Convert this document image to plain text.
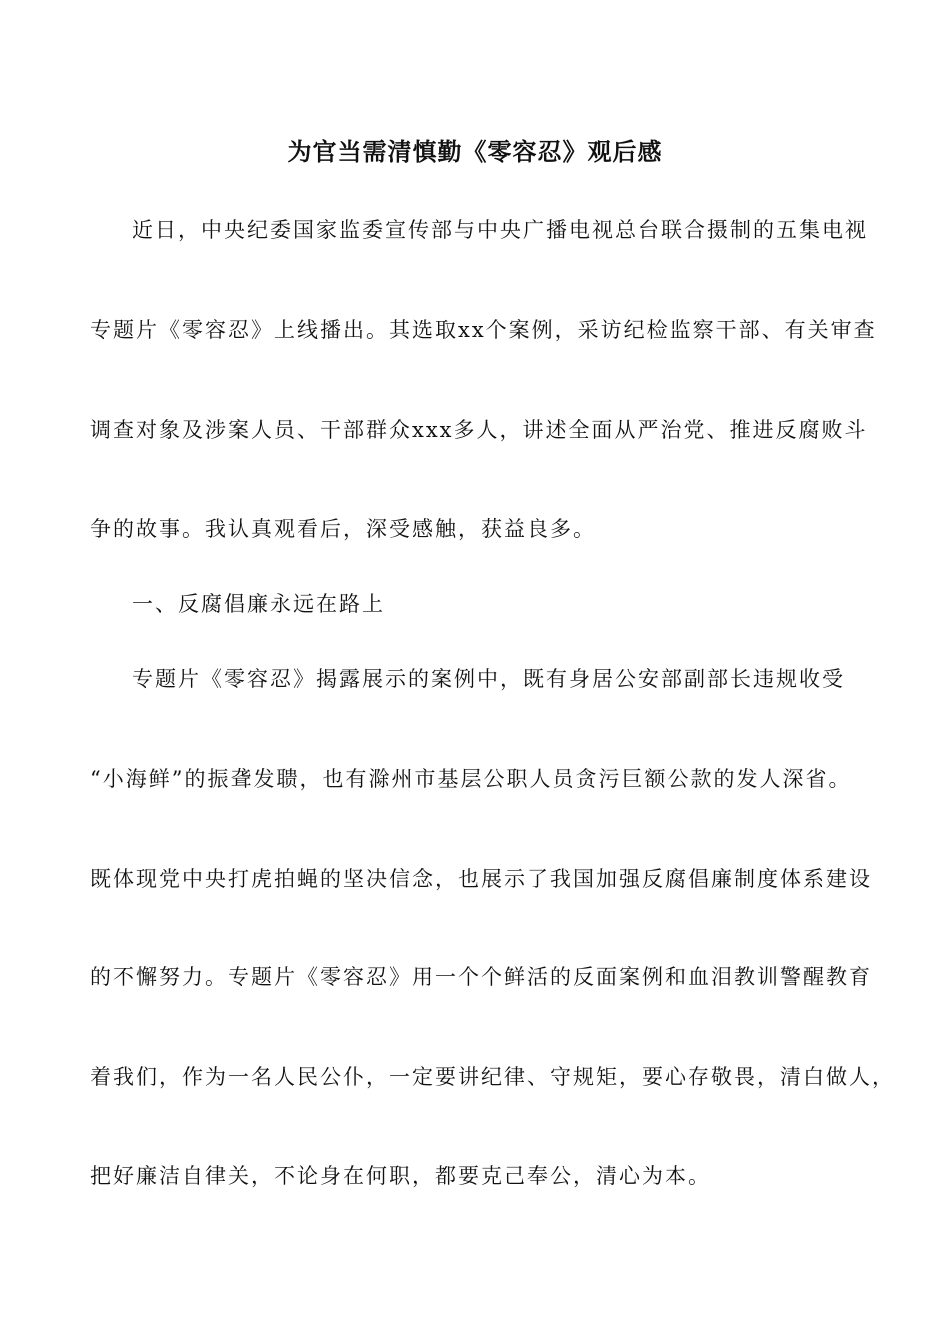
为官当需清慎勤《零容忍》观后感
近日，中央纪委国家监委宣传部与中央广播电视总台联合摄制的五集电视
专题片《零容忍》上线播出。其选取xx个案例，采访纪检监察干部、有关审查
调查对象及涉案人员、干部群众xxx多人，讲述全面从严治党、推进反腐败斗
争的故事。我认真观看后，深受感触，获益良多。
一、反腐倡廉永远在路上
专题片《零容忍》揭露展示的案例中，既有身居公安部副部长违规收受
“小海鲜”的振聋发聩，也有滁州市基层公职人员贪污巨额公款的发人深省。
既体现党中央打虎拍蝇的坚决信念，也展示了我国加强反腐倡廉制度体系建设
的不懈努力。专题片《零容忍》用一个个鲜活的反面案例和血泪教训警醒教育
着我们，作为一名人民公仆，一定要讲纪律、守规矩，要心存敬畏，清白做人，
把好廉洁自律关，不论身在何职，都要克己奉公，清心为本。
